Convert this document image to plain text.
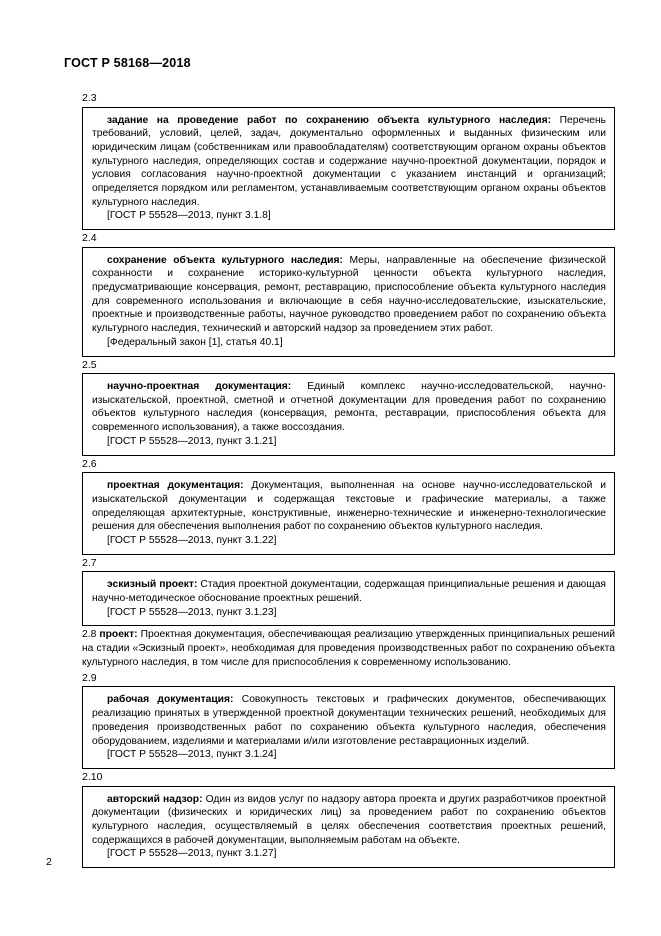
ГОСТ Р 58168—2018
2.3

задание на проведение работ по сохранению объекта культурного наследия: Перечень требований, условий, целей, задач, документально оформленных и выданных физическим или юридическим лицам (собственникам или правообладателям) соответствующим органом охраны объектов культурного наследия, определяющих состав и содержание научно-проектной документации, порядок и условия согласования научно-проектной документации с указанием инстанций и организаций; определяется порядком или регламентом, устанавливаемым соответствующим органом охраны объектов культурного наследия.

[ГОСТ Р 55528—2013, пункт 3.1.8]

2.4

сохранение объекта культурного наследия: Меры, направленные на обеспечение физической сохранности и сохранение историко-культурной ценности объекта культурного наследия, предусматривающие консервация, ремонт, реставрацию, приспособление объекта культурного наследия для современного использования и включающие в себя научно-исследовательские, изыскательские, проектные и производственные работы, научное руководство проведением работ по сохранению объекта культурного наследия, технический и авторский надзор за проведением этих работ.

[Федеральный закон [1], статья 40.1]

2.5

научно-проектная документация: Единый комплекс научно-исследовательской, научно-изыскательской, проектной, сметной и отчетной документации для проведения работ по сохранению объектов культурного наследия (консервация, ремонта, реставрации, приспособления объекта для современного использования), а также воссоздания.

[ГОСТ Р 55528—2013, пункт 3.1.21]

2.6

проектная документация: Документация, выполненная на основе научно-исследовательской и изыскательской документации и содержащая текстовые и графические материалы, а также определяющая архитектурные, конструктивные, инженерно-технические и инженерно-технологические решения для обеспечения выполнения работ по сохранению объектов культурного наследия.

[ГОСТ Р 55528—2013, пункт 3.1.22]

2.7

эскизный проект: Стадия проектной документации, содержащая принципиальные решения и дающая научно-методическое обоснование проектных решений.

[ГОСТ Р 55528—2013, пункт 3.1.23]

2.8 проект: Проектная документация, обеспечивающая реализацию утвержденных принципиальных решений на стадии «Эскизный проект», необходимая для проведения производственных работ по сохранению объекта культурного наследия, в том числе для приспособления к современному использованию.

2.9

рабочая документация: Совокупность текстовых и графических документов, обеспечивающих реализацию принятых в утвержденной проектной документации технических решений, необходимых для проведения производственных работ по сохранению объекта культурного наследия, обеспечения оборудованием, изделиями и материалами и/или изготовление реставрационных изделий.

[ГОСТ Р 55528—2013, пункт 3.1.24]

2.10

авторский надзор: Один из видов услуг по надзору автора проекта и других разработчиков проектной документации (физических и юридических лиц) за проведением работ по сохранению объектов культурного наследия, осуществляемый в целях обеспечения соответствия проектных решений, содержащихся в рабочей документации, выполняемым работам на объекте.

[ГОСТ Р 55528—2013, пункт 3.1.27]

2
